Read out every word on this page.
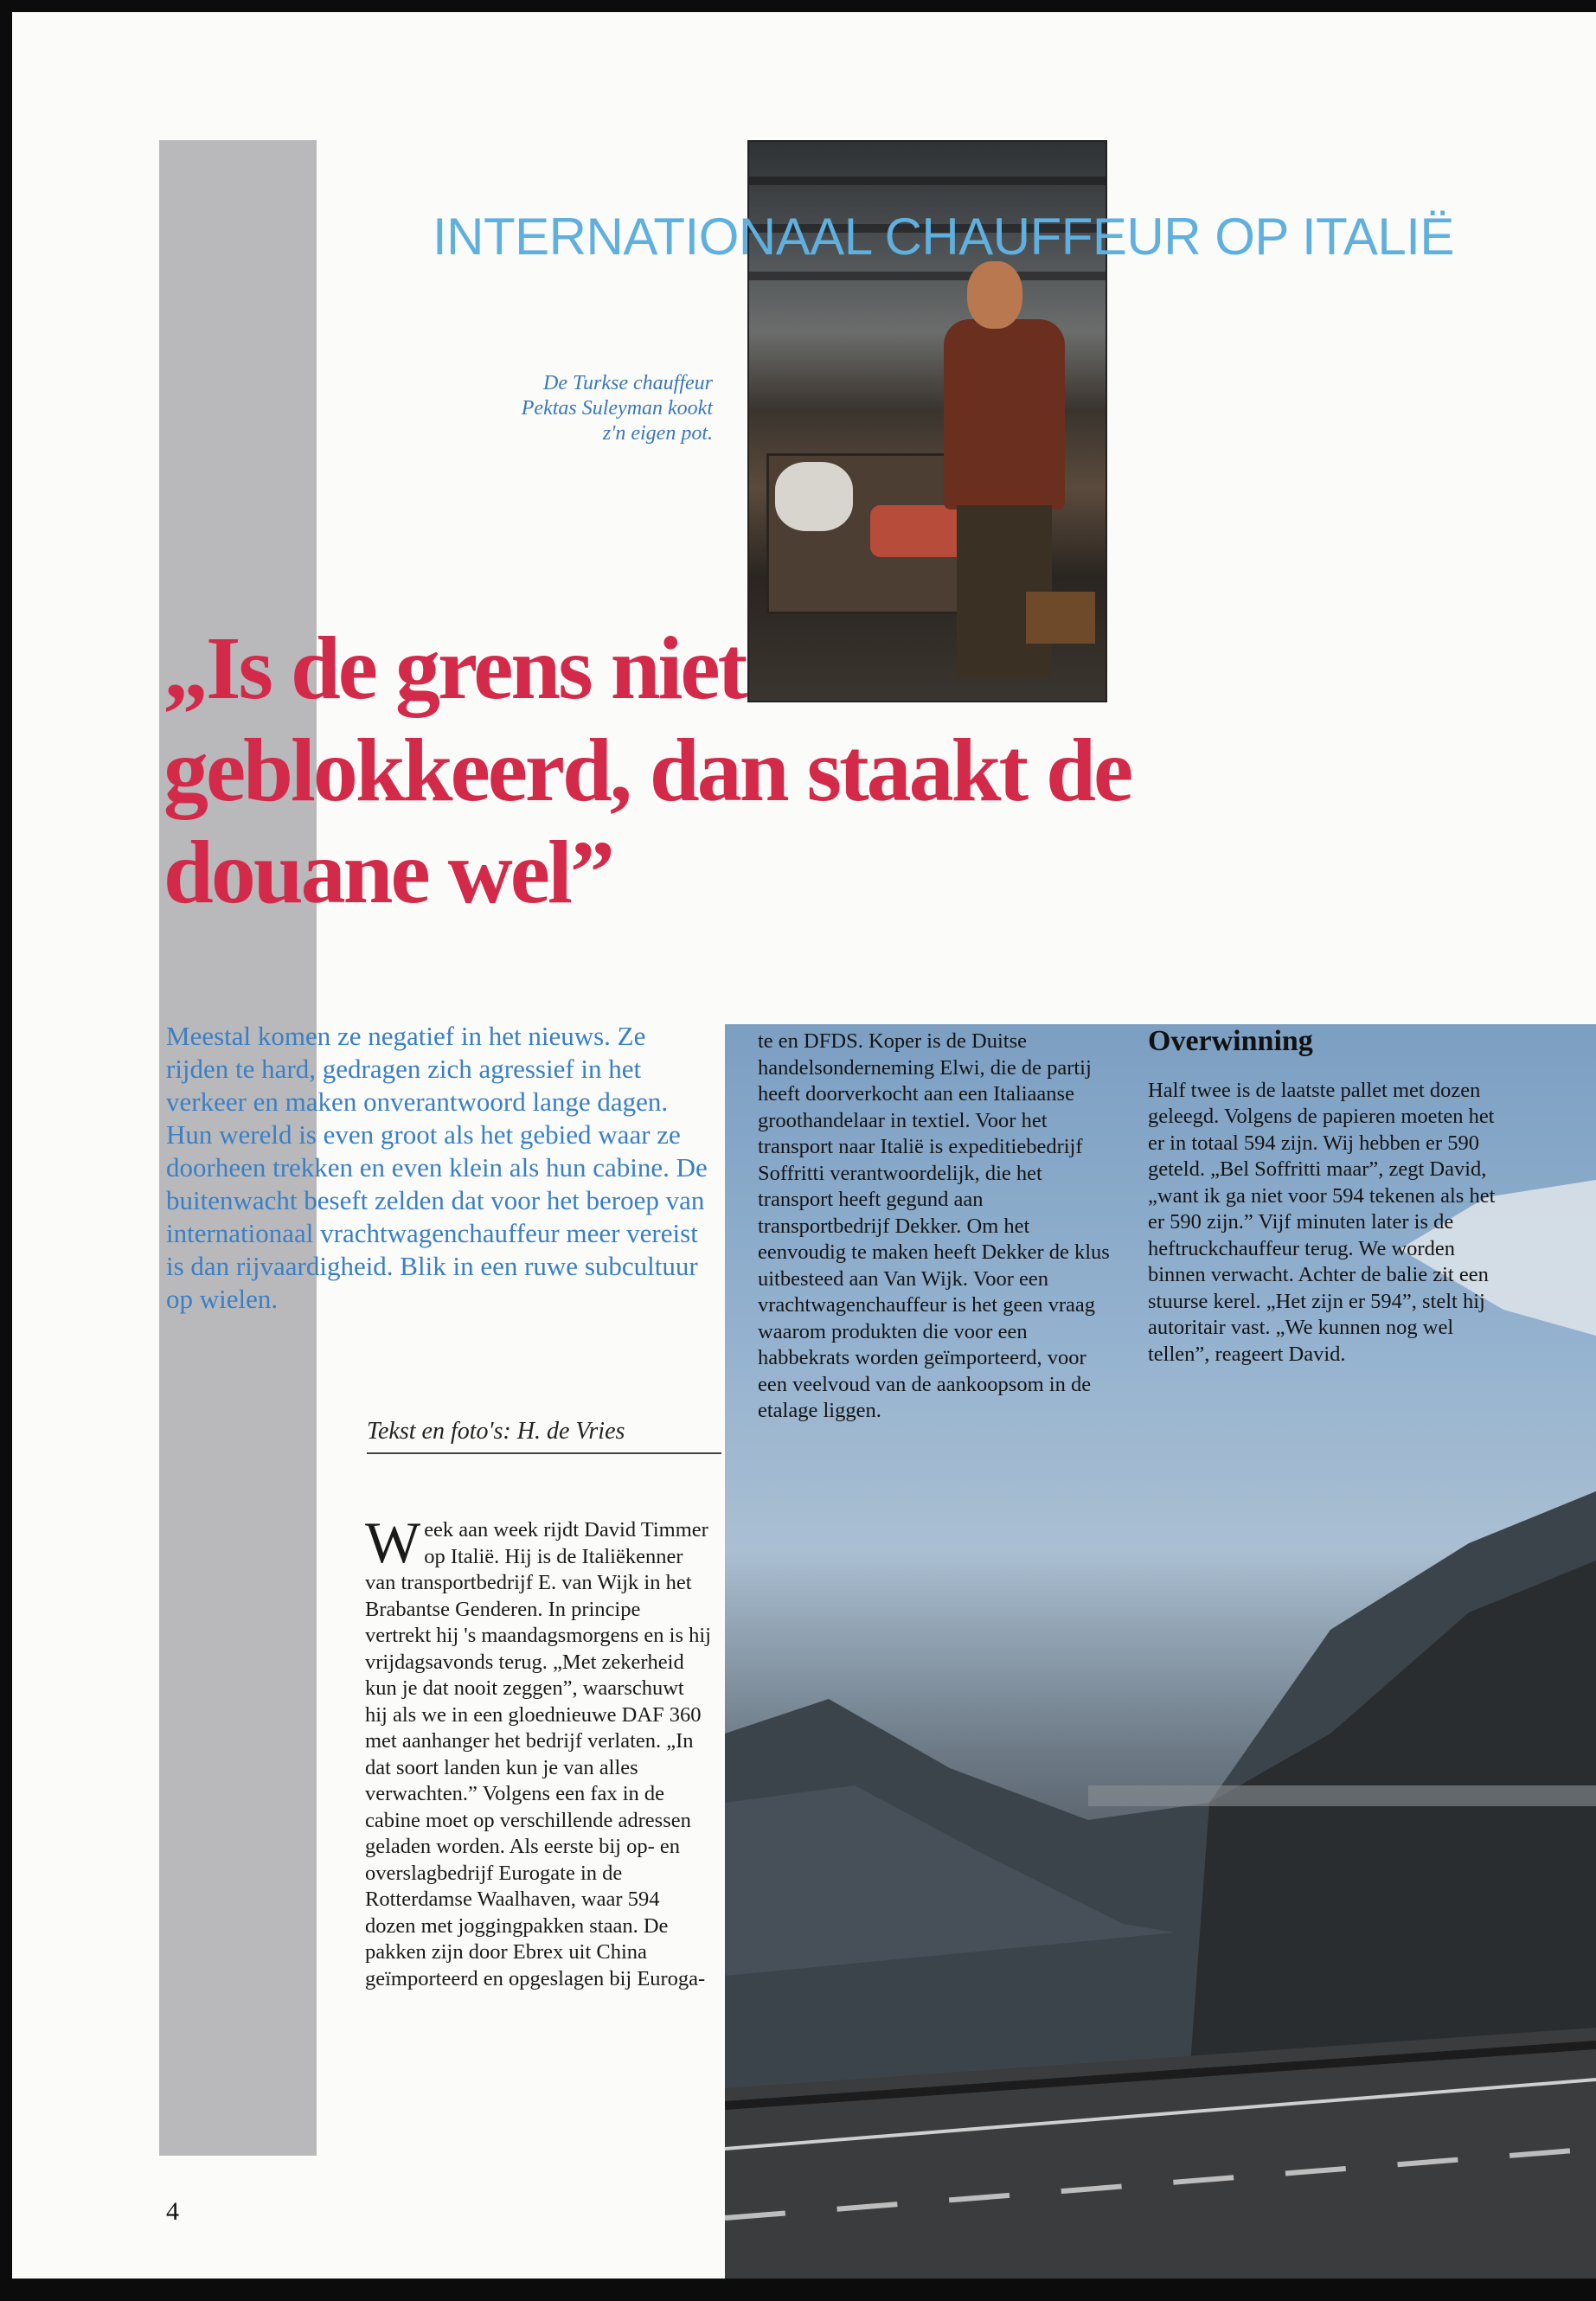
INTERNATIONAAL CHAUFFEUR OP ITALIË
De Turkse chauffeur Pektas Suleyman kookt z'n eigen pot.

„Is de grens niet geblokkeerd, dan staakt de douane wel”
Meestal komen ze negatief in het nieuws. Ze rijden te hard, gedragen zich agressief in het verkeer en maken onverantwoord lange dagen. Hun wereld is even groot als het gebied waar ze doorheen trekken en even klein als hun cabine. De buitenwacht beseft zelden dat voor het beroep van internationaal vrachtwagenchauffeur meer vereist is dan rijvaardigheid. Blik in een ruwe subcultuur op wielen.
Tekst en foto's: H. de Vries
Week aan week rijdt David Timmer op Italië. Hij is de Italiëkenner van transportbedrijf E. van Wijk in het Brabantse Genderen. In principe vertrekt hij 's maandagsmorgens en is hij vrijdagsavonds terug. „Met zekerheid kun je dat nooit zeggen”, waarschuwt hij als we in een gloednieuwe DAF 360 met aanhanger het bedrijf verlaten. „In dat soort landen kun je van alles verwachten.” Volgens een fax in de cabine moet op verschillende adressen geladen worden. Als eerste bij op- en overslagbedrijf Eurogate in de Rotterdamse Waalhaven, waar 594 dozen met joggingpakken staan. De pakken zijn door Ebrex uit China geïmporteerd en opgeslagen bij Euroga-
te en DFDS. Koper is de Duitse handelsonderneming Elwi, die de partij heeft doorverkocht aan een Italiaanse groothandelaar in textiel. Voor het transport naar Italië is expeditiebedrijf Soffritti verantwoordelijk, die het transport heeft gegund aan transportbedrijf Dekker. Om het eenvoudig te maken heeft Dekker de klus uitbesteed aan Van Wijk. Voor een vrachtwagenchauffeur is het geen vraag waarom produkten die voor een habbekrats worden geïmporteerd, voor een veelvoud van de aankoopsom in de etalage liggen.
Overwinning
Half twee is de laatste pallet met dozen geleegd. Volgens de papieren moeten het er in totaal 594 zijn. Wij hebben er 590 geteld. „Bel Soffritti maar”, zegt David, „want ik ga niet voor 594 tekenen als het er 590 zijn.” Vijf minuten later is de heftruckchauffeur terug. We worden binnen verwacht. Achter de balie zit een stuurse kerel. „Het zijn er 594”, stelt hij autoritair vast. „We kunnen nog wel tellen”, reageert David.
4
